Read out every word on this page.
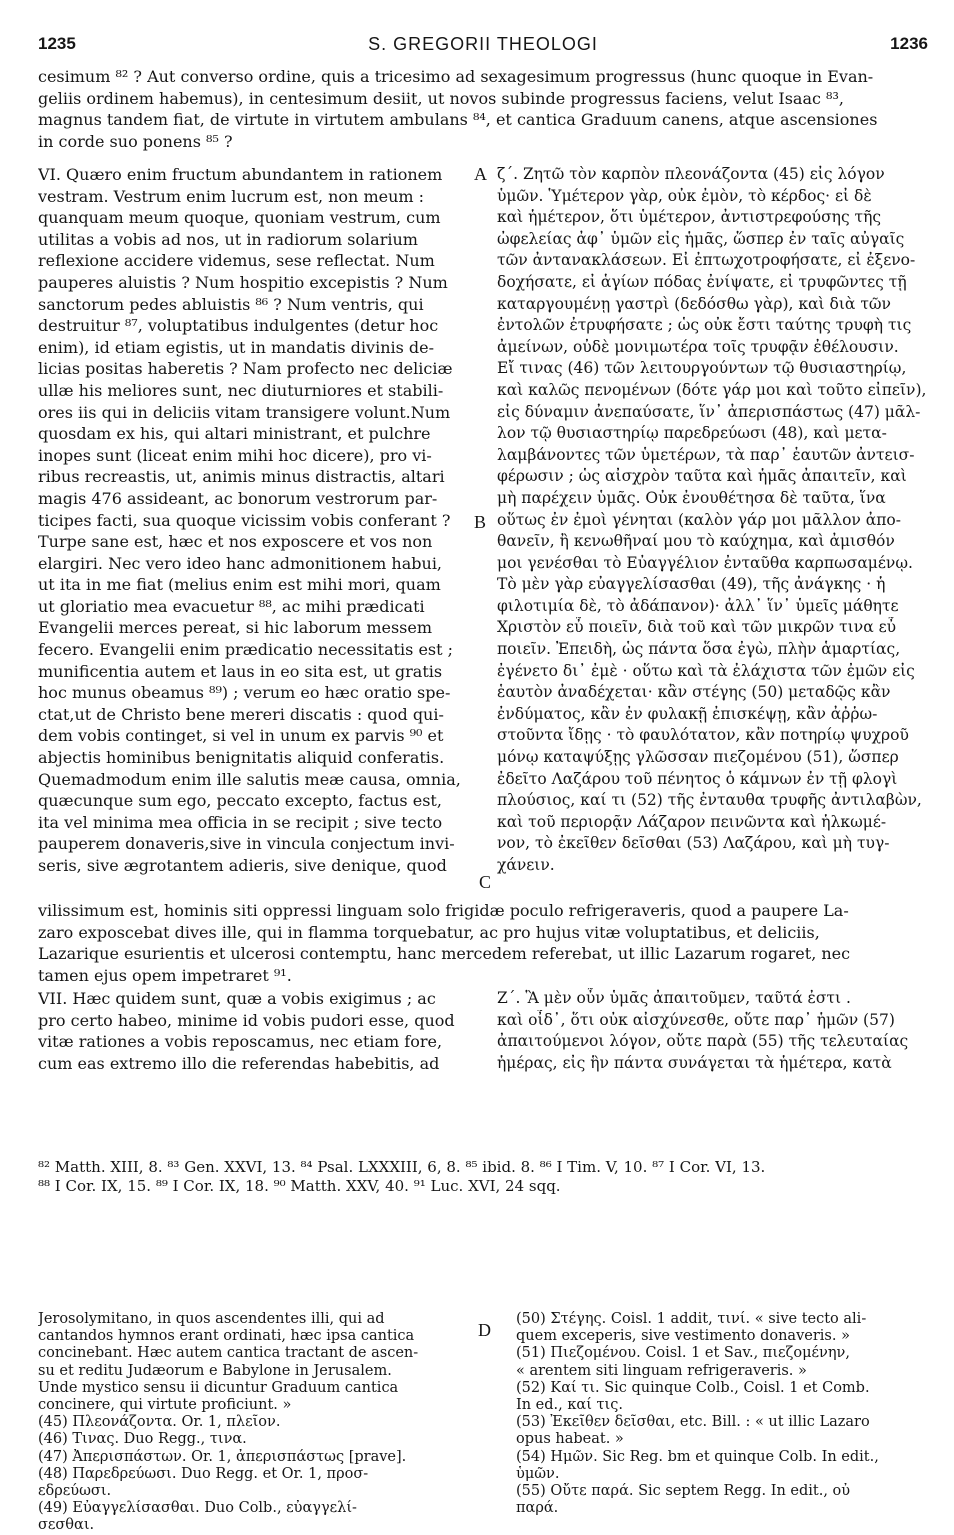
1235	S. GREGORII THEOLOGI	1236
cesimum ⁸² ? Aut converso ordine, quis a tricesimo ad sexagesimum progressus (hunc quoque in Evan-
geliis ordinem habemus), in centesimum desiit, ut novos subinde progressus faciens, velut Isaac ⁸³,
magnus tandem fiat, de virtute in virtutem ambulans ⁸⁴, et cantica Graduum canens, atque ascensiones
in corde suo ponens ⁸⁵ ?
VI. Quæro enim fructum abundantem in rationem
vestram. Vestrum enim lucrum est, non meum :
quanquam meum quoque, quoniam vestrum, cum
utilitas a vobis ad nos, ut in radiorum solarium
reflexione accidere videmus, sese reflectat. Num
pauperes aluistis ? Num hospitio excepistis ? Num
sanctorum pedes abluistis ⁸⁶ ? Num ventris, qui
destruitur ⁸⁷, voluptatibus indulgentes (detur hoc
enim), id etiam egistis, ut in mandatis divinis de-
licias positas haberetis ? Nam profecto nec deliciæ
ullæ his meliores sunt, nec diuturniores et stabili-
ores iis qui in deliciis vitam transigere volunt.Num
quosdam ex his, qui altari ministrant, et pulchre
inopes sunt (liceat enim mihi hoc dicere), pro vi-
ribus recreastis, ut, animis minus distractis, altari
magis 476 assideant, ac bonorum vestrorum par-
ticipes facti, sua quoque vicissim vobis conferant ?
Turpe sane est, hæc et nos exposcere et vos non
elargiri. Nec vero ideo hanc admonitionem habui,
ut ita in me fiat (melius enim est mihi mori, quam
ut gloriatio mea evacuetur ⁸⁸, ac mihi prædicati
Evangelii merces pereat, si hic laborum messem
fecero. Evangelii enim prædicatio necessitatis est ;
munificentia autem et laus in eo sita est, ut gratis
hoc munus obeamus ⁸⁹) ; verum eo hæc oratio spe-
ctat,ut de Christo bene mereri discatis : quod qui-
dem vobis continget, si vel in unum ex parvis ⁹⁰ et
abjectis hominibus benignitatis aliquid conferatis.
Quemadmodum enim ille salutis meæ causa, omnia,
quæcunque sum ego, peccato excepto, factus est,
ita vel minima mea officia in se recipit ; sive tecto
pauperem donaveris,sive in vincula conjectum invi-
seris, sive ægrotantem adieris, sive denique, quod
ζ΄. Ζητῶ τὸν καρπὸν πλεονάζοντα (45) εἰς λόγον
ὑμῶν. Ὑμέτερον γὰρ, οὐκ ἐμὸν, τὸ κέρδος· εἰ δὲ
καὶ ἡμέτερον, ὅτι ὑμέτερον, ἀντιστρεφούσης τῆς
ὠφελείας ἀφ᾽ ὑμῶν εἰς ἡμᾶς, ὥσπερ ἐν ταῖς αὐγαῖς
τῶν ἀντανακλάσεων. Εἰ ἐπτωχοτροφήσατε, εἰ ἐξενο-
δοχήσατε, εἰ ἁγίων πόδας ἐνίψατε, εἰ τρυφῶντες τῇ
καταργουμένῃ γαστρὶ (δεδόσθω γὰρ), καὶ διὰ τῶν
ἐντολῶν ἐτρυφήσατε ; ὡς οὐκ ἔστι ταύτης τρυφὴ τις
ἀμείνων, οὐδὲ μονιμωτέρα τοῖς τρυφᾷν ἐθέλουσιν.
Εἴ τινας (46) τῶν λειτουργούντων τῷ θυσιαστηρίῳ,
καὶ καλῶς πενομένων (δότε γάρ μοι καὶ τοῦτο εἰπεῖν),
εἰς δύναμιν ἀνεπαύσατε, ἵν᾽ ἀπερισπάστως (47) μᾶλ-
λον τῷ θυσιαστηρίῳ παρεδρεύωσι (48), καὶ μετα-
λαμβάνοντες τῶν ὑμετέρων, τὰ παρ᾽ ἑαυτῶν ἀντεισ-
φέρωσιν ; ὡς αἰσχρὸν ταῦτα καὶ ἡμᾶς ἀπαιτεῖν, καὶ
μὴ παρέχειν ὑμᾶς. Οὐκ ἐνουθέτησα δὲ ταῦτα, ἵνα
οὕτως ἐν ἐμοὶ γένηται (καλὸν γάρ μοι μᾶλλον ἀπο-
θανεῖν, ἢ κενωθῆναί μου τὸ καύχημα, καὶ ἀμισθόν
μοι γενέσθαι τὸ Εὐαγγέλιον ἐνταῦθα καρπωσαμένῳ.
Τὸ μὲν γὰρ εὐαγγελίσασθαι (49), τῆς ἀνάγκης · ἡ
φιλοτιμία δὲ, τὸ ἀδάπανον)· ἀλλ᾽ ἵν᾽ ὑμεῖς μάθητε
Χριστὸν εὖ ποιεῖν, διὰ τοῦ καὶ τῶν μικρῶν τινα εὖ
ποιεῖν. Ἐπειδὴ, ὡς πάντα ὅσα ἐγὼ, πλὴν ἁμαρτίας,
ἐγένετο δι᾽ ἐμὲ · οὕτω καὶ τὰ ἐλάχιστα τῶν ἐμῶν εἰς
ἑαυτὸν ἀναδέχεται· κἂν στέγης (50) μεταδῷς κἂν
ἐνδύματος, κἂν ἐν φυλακῇ ἐπισκέψῃ, κἂν ἀῤῥω-
στοῦντα ἴδῃς · τὸ φαυλότατον, κἂν ποτηρίῳ ψυχροῦ
μόνῳ καταψύξῃς γλῶσσαν πιεζομένου (51), ὥσπερ
ἐδεῖτο Λαζάρου τοῦ πένητος ὁ κάμνων ἐν τῇ φλογὶ
πλούσιος, καί τι (52) τῆς ἐνταυθα τρυφῆς ἀντιλαβὼν,
καὶ τοῦ περιορᾷν Λάζαρον πεινῶντα καὶ ἡλκωμέ-
νον, τὸ ἐκεῖθεν δεῖσθαι (53) Λαζάρου, καὶ μὴ τυγ-
χάνειν.
A
B
C
D
vilissimum est, hominis siti oppressi linguam solo frigidæ poculo refrigeraveris, quod a paupere La-
zaro exposcebat dives ille, qui in flamma torquebatur, ac pro hujus vitæ voluptatibus, et deliciis,
Lazarique esurientis et ulcerosi contemptu, hanc mercedem referebat, ut illic Lazarum rogaret, nec
tamen ejus opem impetraret ⁹¹.
VII. Hæc quidem sunt, quæ a vobis exigimus ; ac
pro certo habeo, minime id vobis pudori esse, quod
vitæ rationes a vobis reposcamus, nec etiam fore,
cum eas extremo illo die referendas habebitis, ad
Ζ΄. Ἃ μὲν οὖν ὑμᾶς ἀπαιτοῦμεν, ταῦτά ἐστι .
καὶ οἶδ᾽, ὅτι οὐκ αἰσχύνεσθε, οὔτε παρ᾽ ἡμῶν (57)
ἀπαιτούμενοι λόγον, οὔτε παρὰ (55) τῆς τελευταίας
ἡμέρας, εἰς ἣν πάντα συνάγεται τὰ ἡμέτερα, κατὰ
⁸² Matth. XIII, 8. ⁸³ Gen. XXVI, 13. ⁸⁴ Psal. LXXXIII, 6, 8. ⁸⁵ ibid. 8. ⁸⁶ I Tim. V, 10. ⁸⁷ I Cor. VI, 13.
⁸⁸ I Cor. IX, 15. ⁸⁹ I Cor. IX, 18. ⁹⁰ Matth. XXV, 40. ⁹¹ Luc. XVI, 24 sqq.
Jerosolymitano, in quos ascendentes illi, qui ad
cantandos hymnos erant ordinati, hæc ipsa cantica
concinebant. Hæc autem cantica tractant de ascen-
su et reditu Judæorum e Babylone in Jerusalem.
Unde mystico sensu ii dicuntur Graduum cantica
concinere, qui virtute proficiunt. »
(45) Πλεονάζοντα. Or. 1, πλεῖον.
(46) Τινας. Duo Regg., τινα.
(47) Ἀπερισπάστων. Or. 1, ἀπερισπάστως [prave].
(48) Παρεδρεύωσι. Duo Regg. et Or. 1, προσ-
εδρεύωσι.
(49) Εὐαγγελίσασθαι. Duo Colb., εὐαγγελί-
σεσθαι.
(50) Στέγης. Coisl. 1 addit, τινί. « sive tecto ali-
quem exceperis, sive vestimento donaveris. »
(51) Πιεζομένου. Coisl. 1 et Sav., πιεζομένην,
« arentem siti linguam refrigeraveris. »
(52) Καί τι. Sic quinque Colb., Coisl. 1 et Comb.
In ed., καί τις.
(53) Ἐκεῖθεν δεῖσθαι, etc. Bill. : « ut illic Lazaro
opus habeat. »
(54) Ημῶν. Sic Reg. bm et quinque Colb. In edit.,
ὑμῶν.
(55) Οὔτε παρά. Sic septem Regg. In edit., οὐ
παρά.
